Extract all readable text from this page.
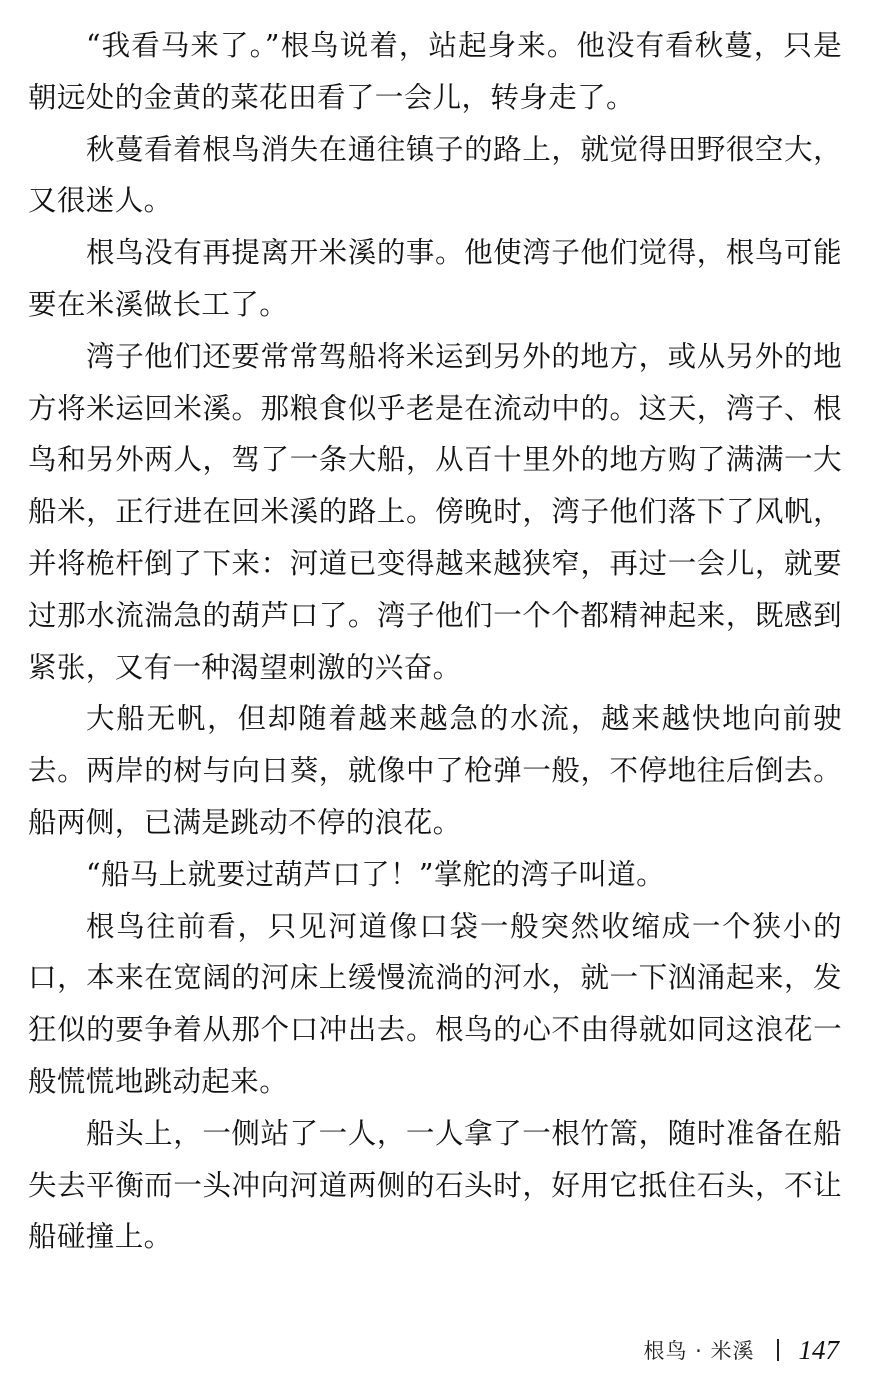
“我看马来了。”根鸟说着，站起身来。他没有看秋蔓，只是朝远处的金黄的菜花田看了一会儿，转身走了。

秋蔓看着根鸟消失在通往镇子的路上，就觉得田野很空大，又很迷人。

根鸟没有再提离开米溪的事。他使湾子他们觉得，根鸟可能要在米溪做长工了。

湾子他们还要常常驾船将米运到另外的地方，或从另外的地方将米运回米溪。那粮食似乎老是在流动中的。这天，湾子、根鸟和另外两人，驾了一条大船，从百十里外的地方购了满满一大船米，正行进在回米溪的路上。傍晚时，湾子他们落下了风帆，并将桅杆倒了下来：河道已变得越来越狭窄，再过一会儿，就要过那水流湍急的葫芦口了。湾子他们一个个都精神起来，既感到紧张，又有一种渴望刺激的兴奋。

大船无帆，但却随着越来越急的水流，越来越快地向前驶去。两岸的树与向日葵，就像中了枪弹一般，不停地往后倒去。船两侧，已满是跳动不停的浪花。

“船马上就要过葫芦口了！”掌舵的湾子叫道。

根鸟往前看，只见河道像口袋一般突然收缩成一个狭小的口，本来在宽阔的河床上缓慢流淌的河水，就一下汹涌起来，发狂似的要争着从那个口冲出去。根鸟的心不由得就如同这浪花一般慌慌地跳动起来。

船头上，一侧站了一人，一人拿了一根竹篙，随时准备在船失去平衡而一头冲向河道两侧的石头时，好用它抵住石头，不让船碰撞上。

根鸟 · 米溪 147
